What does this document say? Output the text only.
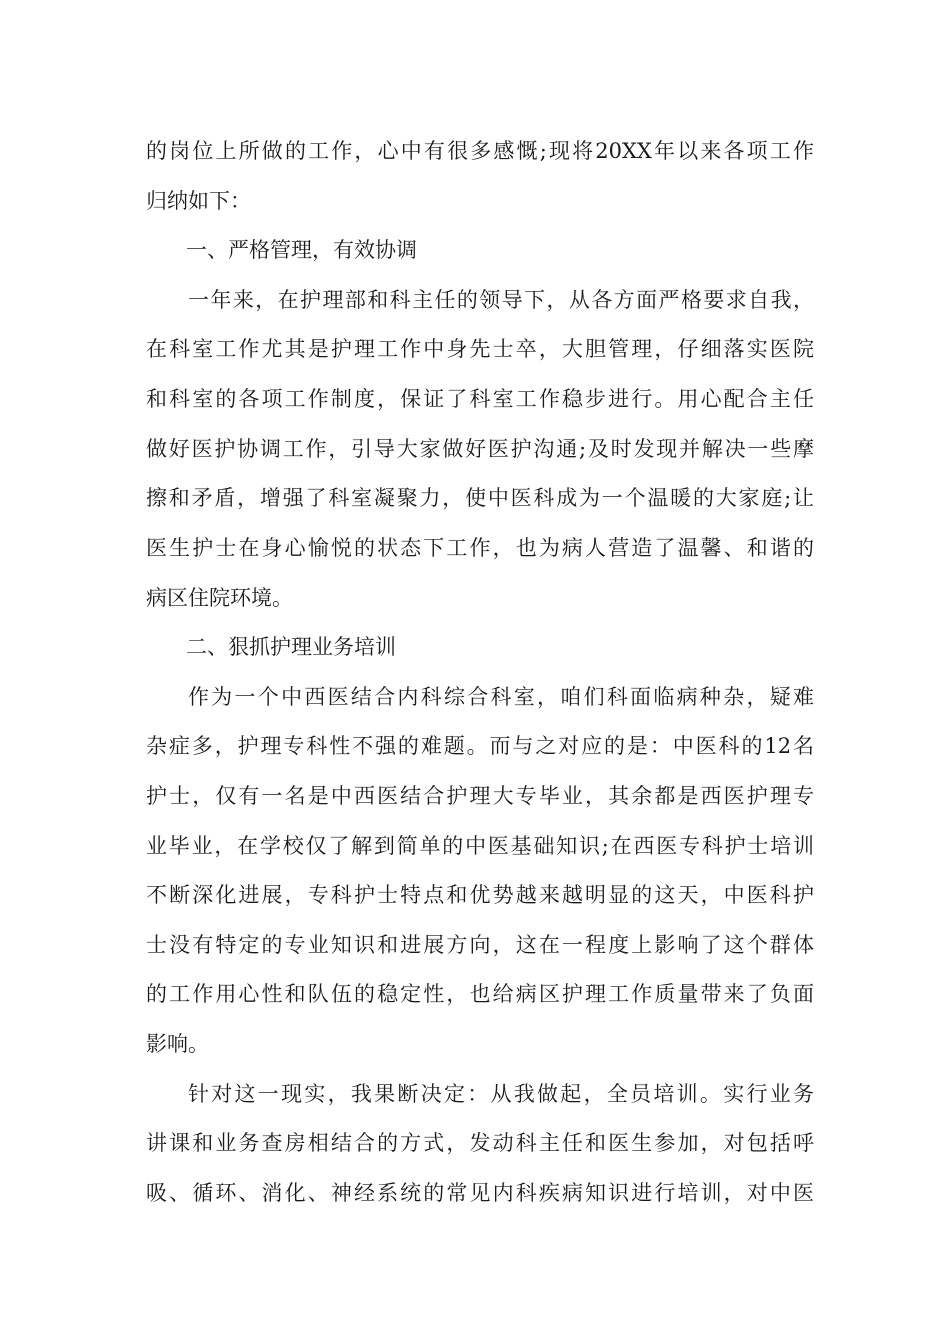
的岗位上所做的工作，心中有很多感慨;现将20XX年以来各项工作
归纳如下：
一、严格管理，有效协调
一年来，在护理部和科主任的领导下，从各方面严格要求自我，
在科室工作尤其是护理工作中身先士卒，大胆管理，仔细落实医院
和科室的各项工作制度，保证了科室工作稳步进行。用心配合主任
做好医护协调工作，引导大家做好医护沟通;及时发现并解决一些摩
擦和矛盾，增强了科室凝聚力，使中医科成为一个温暖的大家庭;让
医生护士在身心愉悦的状态下工作，也为病人营造了温馨、和谐的
病区住院环境。
二、狠抓护理业务培训
作为一个中西医结合内科综合科室，咱们科面临病种杂，疑难
杂症多，护理专科性不强的难题。而与之对应的是：中医科的12名
护士，仅有一名是中西医结合护理大专毕业，其余都是西医护理专
业毕业，在学校仅了解到简单的中医基础知识;在西医专科护士培训
不断深化进展，专科护士特点和优势越来越明显的这天，中医科护
士没有特定的专业知识和进展方向，这在一程度上影响了这个群体
的工作用心性和队伍的稳定性，也给病区护理工作质量带来了负面
影响。
针对这一现实，我果断决定：从我做起，全员培训。实行业务
讲课和业务查房相结合的方式，发动科主任和医生参加，对包括呼
吸、循环、消化、神经系统的常见内科疾病知识进行培训，对中医
